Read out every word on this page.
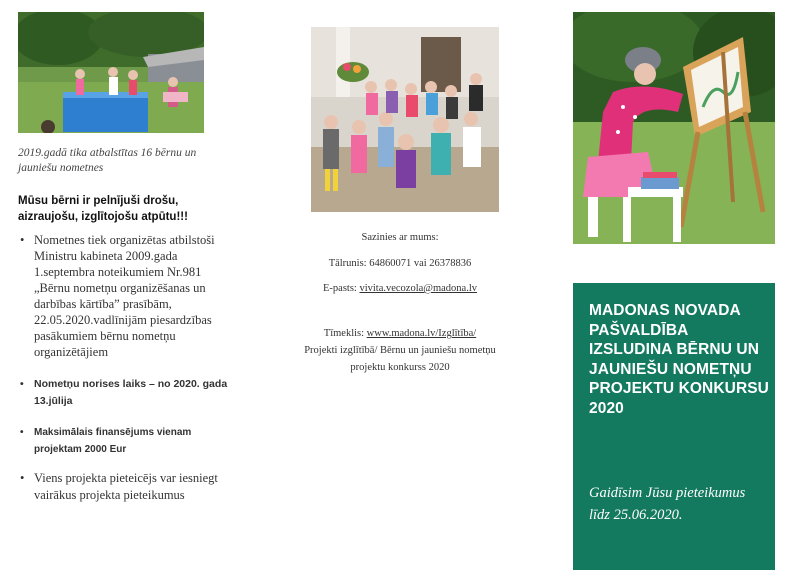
2019.gadā tika atbalstītas 16 bērnu un jauniešu nometnes
Mūsu bērni ir pelnījuši drošu, aizraujošu, izglītojošu atpūtu!!!
• Nometnes tiek organizētas atbilstoši Ministru kabineta 2009.gada 1.septembra noteikumiem Nr.981 „Bērnu nometņu organizēšanas un darbības kārtība” prasībām, 22.05.2020.vadlīnijām piesardzības pasākumiem bērnu nometņu organizētājiem
• Nometņu norises laiks – no 2020. gada 13.jūlija
• Maksimālais finansējums vienam projektam 2000 Eur
• Viens projekta pieteicējs var iesniegt vairākus projekta pieteikumus
Sazinies ar mums:
Tālrunis: 64860071 vai 26378836
E-pasts: vivita.vecozola@madona.lv
Tīmeklis: www.madona.lv/Izglītība/
Projekti izglītībā/ Bērnu un jauniešu nometņu projektu konkurss 2020
MADONAS NOVADA PAŠVALDĪBA IZSLUDINA BĒRNU UN JAUNIEŠU NOMETŅU PROJEKTU KONKURSU 2020
Gaidīsim Jūsu pieteikumus līdz 25.06.2020.
